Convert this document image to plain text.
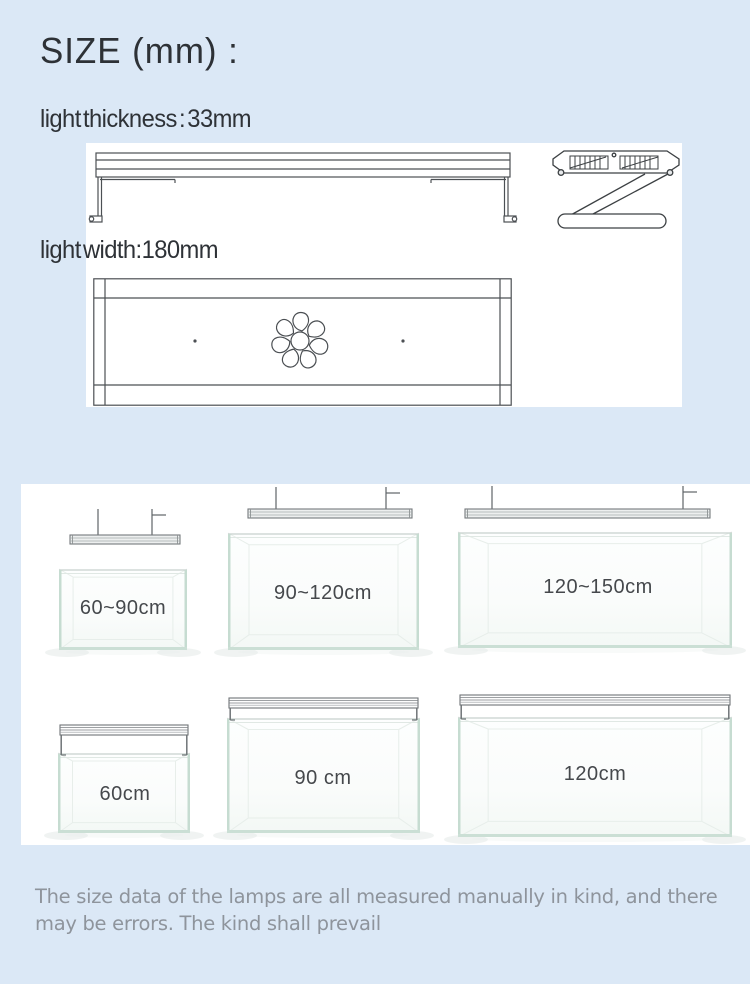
SIZE (mm) :
light thickness : 33mm
light width:180mm
60~90cm
90~120cm	120~150cm
60cm
90 cm	120cm
The size data of the lamps are all measured manually in kind, and there may be errors. The kind shall prevail
